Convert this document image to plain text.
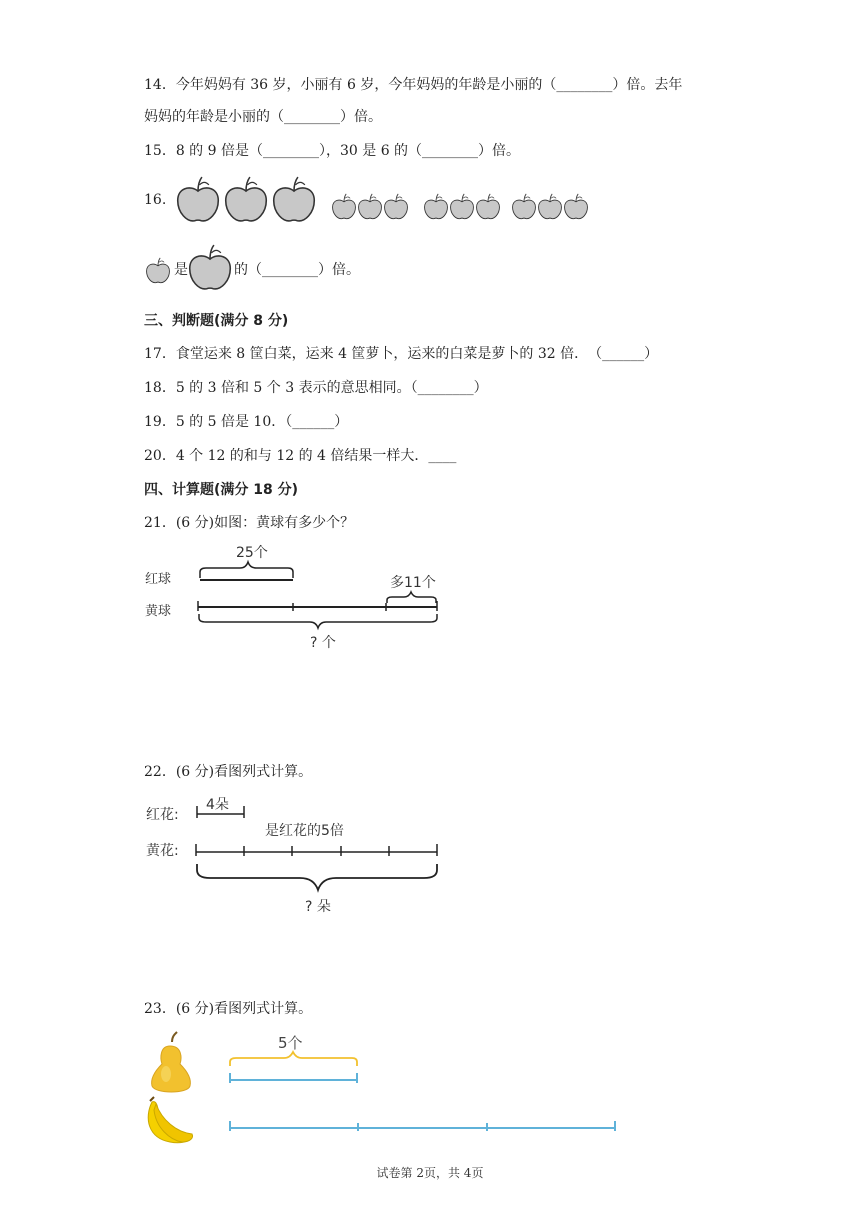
14．今年妈妈有 36 岁，小丽有 6 岁，今年妈妈的年龄是小丽的（________）倍。去年
妈妈的年龄是小丽的（________）倍。
15．8 的 9 倍是（________），30 是 6 的（________）倍。
16.
是	的（________）倍。
三、判断题(满分 8 分)
17．食堂运来 8 筐白菜，运来 4 筐萝卜，运来的白菜是萝卜的 32 倍．　（______）
18．5 的 3 倍和 5 个 3 表示的意思相同。（________）
19．5 的 5 倍是 10．（______）
20．4 个 12 的和与 12 的 4 倍结果一样大．____
四、计算题(满分 18 分)
21．(6 分)如图：黄球有多少个？
25个
红球
黄球
多11个
? 个
22．(6 分)看图列式计算。
红花:
黄花:
4朵
是红花的5倍
? 朵
23．(6 分)看图列式计算。
5个
试卷第 2页，共 4页
